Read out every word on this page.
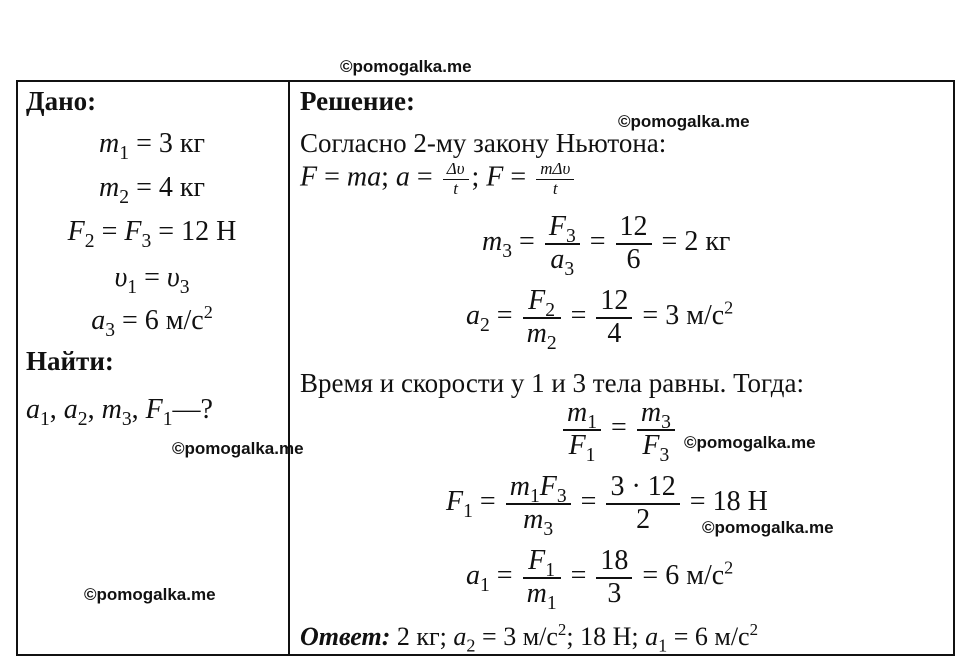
©pomogalka.me
©pomogalka.me
©pomogalka.me	©pomogalka.me
©pomogalka.me
©pomogalka.me
Дано:
$m_1 = 3$ кг
$m_2 = 4$ кг
$F_2 = F_3 = 12$ Н
$\upsilon_1 = \upsilon_3$
$a_3 = 6$ $м/с^2$
Найти:
$a_1$, $a_2$, $m_3$, $F_1—$?
Решение:
Согласно 2-му закону Ньютона:
F = ma; $a = \frac{\Delta\upsilon}{t}$ ; $F = \frac{\text{mΔυ}}{t}$
$m_3 = \frac{F_3}{a_3} = \frac{12}{6} = 2$ кг
$a_2 = \frac{F_2}{m_2} = \frac{12}{4} = 3$ $м/с^2$
Время и скорости у 1 и 3 тела равны. Тогда:
$\frac{m_1}{F_1} = \frac{m_3}{F_3}$
$F_1 = \frac{m_1F_3}{m_3} = \frac{3 \cdot 12}{2} = 18$ Н
$a_1 = \frac{F_1}{m_1} = \frac{18}{3} = 6$ $м/с^2$
Ответ: 2 кг; $a_2 = 3$ $м/с^2$; 18 Н; $a_1 = 6$ $м/с^2$
